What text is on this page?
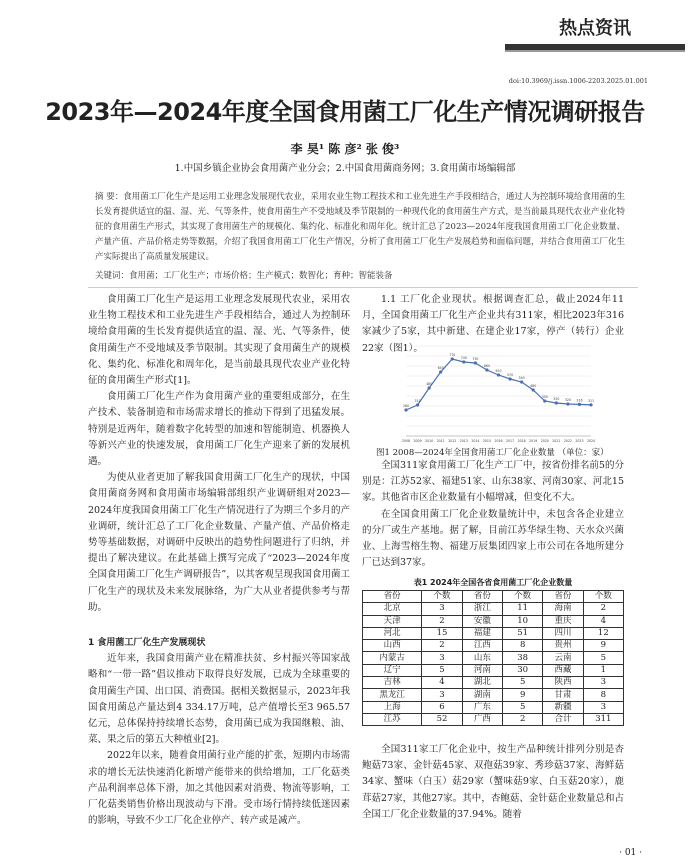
热点资讯
doi:10.3969/j.issn.1006-2203.2025.01.001
2023年—2024年度全国食用菌工厂化生产情况调研报告
李 昊¹ 陈 彦² 张 俊³
1.中国乡镇企业协会食用菌产业分会；2.中国食用菌商务网；3.食用菌市场编辑部
摘 要：食用菌工厂化生产是运用工业理念发展现代农业，采用农业生物工程技术和工业先进生产手段相结合，通过人为控制环境给食用菌的生长发育提供适宜的温、湿、光、气等条件，使食用菌生产不受地域及季节限制的一种现代化的食用菌生产方式，是当前最具现代农业产业化特征的食用菌生产形式，其实现了食用菌生产的规模化、集约化、标准化和周年化。统计汇总了2023—2024年度我国食用菌工厂化企业数量、产量产值、产品价格走势等数据，介绍了我国食用菌工厂化生产情况，分析了食用菌工厂化生产发展趋势和面临问题，并结合食用菌工厂化生产实际提出了高质量发展建议。
关键词：食用菌；工厂化生产；市场价格；生产模式；数智化；育种；智能装备

食用菌工厂化生产是运用工业理念发展现代农业，采用农业生物工程技术和工业先进生产手段相结合，通过人为控制环境给食用菌的生长发育提供适宜的温、湿、光、气等条件，使食用菌生产不受地域及季节限制。其实现了食用菌生产的规模化、集约化、标准化和周年化，是当前最具现代农业产业化特征的食用菌生产形式[1]。

食用菌工厂化生产作为食用菌产业的重要组成部分，在生产技术、装备制造和市场需求增长的推动下得到了迅猛发展。特别是近两年，随着数字化转型的加速和智能制造、机器换人等新兴产业的快速发展，食用菌工厂化生产迎来了新的发展机遇。

为使从业者更加了解我国食用菌工厂化生产的现状，中国食用菌商务网和食用菌市场编辑部组织产业调研组对2023—2024年度我国食用菌工厂化生产情况进行了为期三个多月的产业调研，统计汇总了工厂化企业数量、产量产值、产品价格走势等基础数据，对调研中反映出的趋势性问题进行了归纳，并提出了解决建议。在此基础上撰写完成了“2023—2024年度全国食用菌工厂化生产调研报告”，以其客观呈现我国食用菌工厂化生产的现状及未来发展脉络，为广大从业者提供参考与帮助。

1 食用菌工厂化生产发展现状

近年来，我国食用菌产业在精准扶贫、乡村振兴等国家战略和“一带一路”倡议推动下取得良好发展，已成为全球重要的食用菌生产国、出口国、消费国。据相关数据显示，2023年我国食用菌总产量达到4 334.17万吨，总产值增长至3 965.57亿元，总体保持持续增长态势，食用菌已成为我国继粮、油、菜、果之后的第五大种植业[2]。

2022年以来，随着食用菌行业产能的扩张，短期内市场需求的增长无法快速消化新增产能带来的供给增加，工厂化菇类产品利润率总体下滑，加之其他因素对消费、物流等影响，工厂化菇类销售价格出现波动与下滑。受市场行情持续低迷因素的影响，导致不少工厂化企业停产、转产或是减产。

1.1 工厂化企业现状。根据调查汇总，截止2024年11月，全国食用菌工厂化生产企业共有311家，相比2023年316家减少了5家，其中新建、在建企业17家，停产（转行）企业22家（图1）。

260
2008
310
2009
480
2010
640
2011
770
2012
740
2013
730
2014
660
2015
610
2016
570
2017
540
2018
460
2019
350
2020
330
2021
320
2022
316
2023
311
2024
图1 2008—2024年全国食用菌工厂化企业数量 （单位：家）

全国311家食用菌工厂化生产工厂中，按省份排名前5的分别是：江苏52家、福建51家、山东38家、河南30家、河北15家。其他省市区企业数量有小幅增减，但变化不大。

在全国食用菌工厂化企业数量统计中，未包含各企业建立的分厂或生产基地。据了解，目前江苏华绿生物、天水众兴菌业、上海雪榕生物、福建万辰集团四家上市公司在各地所建分厂已达到37家。

表1 2024年全国各省食用菌工厂化企业数量
省份	个数	省份	个数	省份	个数
北京	3	浙江	11	海南	2
天津	2	安徽	10	重庆	4
河北	15	福建	51	四川	12
山西	2	江西	8	贵州	9
内蒙古	3	山东	38	云南	5
辽宁	5	河南	30	西藏	1
吉林	4	湖北	5	陕西	3
黑龙江	3	湖南	9	甘肃	8
上海	6	广东	5	新疆	3
江苏	52	广西	2	合计	311

全国311家工厂化企业中，按生产品种统计排列分别是杏鲍菇73家、金针菇45家、双孢菇39家、秀珍菇37家、海鲜菇34家、蟹味（白玉）菇29家（蟹味菇9家、白玉菇20家），鹿茸菇27家，其他27家。其中，杏鲍菇、金针菇企业数量总和占全国工厂化企业数量的37.94%。随着

· 01 ·
